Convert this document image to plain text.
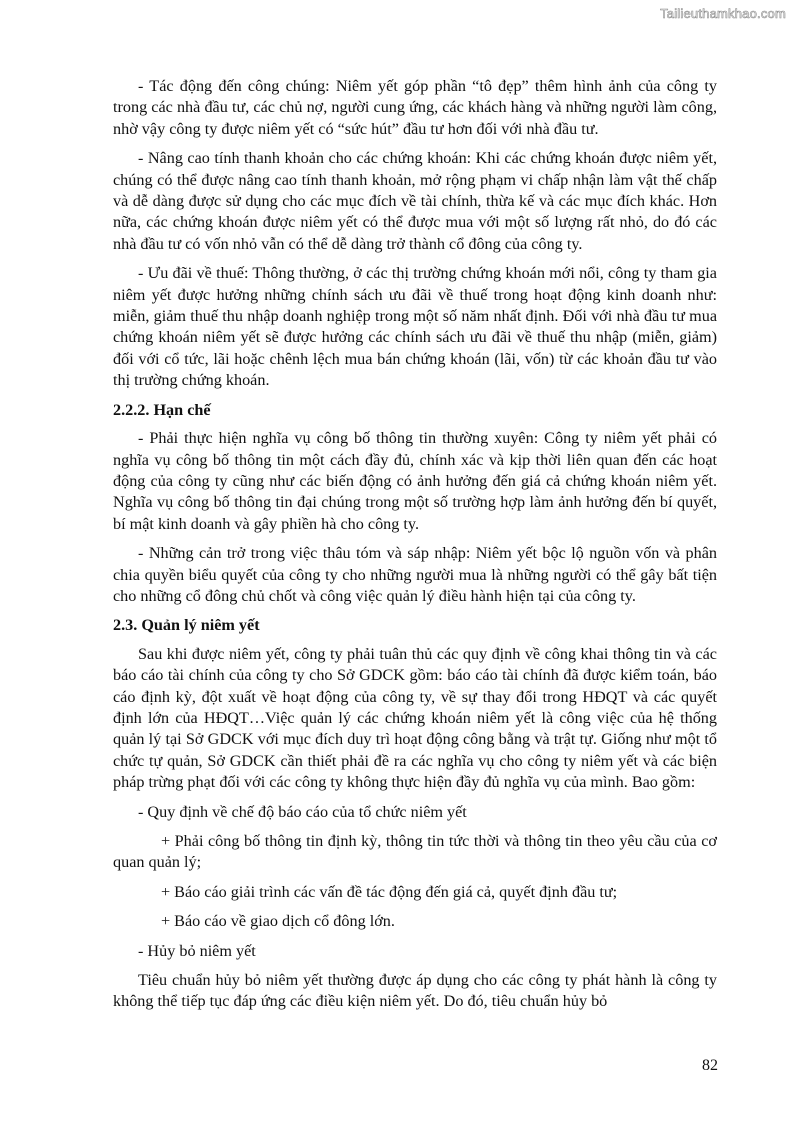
Tailieuthamkhao.com

- Tác động đến công chúng: Niêm yết góp phần “tô đẹp” thêm hình ảnh của công ty trong các nhà đầu tư, các chủ nợ, người cung ứng, các khách hàng và những người làm công, nhờ vậy công ty được niêm yết có “sức hút” đầu tư hơn đối với nhà đầu tư.

- Nâng cao tính thanh khoản cho các chứng khoán: Khi các chứng khoán được niêm yết, chúng có thể được nâng cao tính thanh khoản, mở rộng phạm vi chấp nhận làm vật thế chấp và dễ dàng được sử dụng cho các mục đích về tài chính, thừa kế và các mục đích khác. Hơn nữa, các chứng khoán được niêm yết có thể được mua với một số lượng rất nhỏ, do đó các nhà đầu tư có vốn nhỏ vẫn có thể dễ dàng trở thành cổ đông của công ty.

- Ưu đãi về thuế: Thông thường, ở các thị trường chứng khoán mới nổi, công ty tham gia niêm yết được hưởng những chính sách ưu đãi về thuế trong hoạt động kinh doanh như: miễn, giảm thuế thu nhập doanh nghiệp trong một số năm nhất định. Đối với nhà đầu tư mua chứng khoán niêm yết sẽ được hưởng các chính sách ưu đãi về thuế thu nhập (miễn, giảm) đối với cổ tức, lãi hoặc chênh lệch mua bán chứng khoán (lãi, vốn) từ các khoản đầu tư vào thị trường chứng khoán.

2.2.2. Hạn chế

- Phải thực hiện nghĩa vụ công bố thông tin thường xuyên: Công ty niêm yết phải có nghĩa vụ công bố thông tin một cách đầy đủ, chính xác và kịp thời liên quan đến các hoạt động của công ty cũng như các biến động có ảnh hưởng đến giá cả chứng khoán niêm yết. Nghĩa vụ công bố thông tin đại chúng trong một số trường hợp làm ảnh hưởng đến bí quyết, bí mật kinh doanh và gây phiền hà cho công ty.

- Những cản trở trong việc thâu tóm và sáp nhập: Niêm yết bộc lộ nguồn vốn và phân chia quyền biểu quyết của công ty cho những người mua là những người có thể gây bất tiện cho những cổ đông chủ chốt và công việc quản lý điều hành hiện tại của công ty.

2.3. Quản lý niêm yết

Sau khi được niêm yết, công ty phải tuân thủ các quy định về công khai thông tin và các báo cáo tài chính của công ty cho Sở GDCK gồm: báo cáo tài chính đã được kiểm toán, báo cáo định kỳ, đột xuất về hoạt động của công ty, về sự thay đổi trong HĐQT và các quyết định lớn của HĐQT…Việc quản lý các chứng khoán niêm yết là công việc của hệ thống quản lý tại Sở GDCK với mục đích duy trì hoạt động công bằng và trật tự. Giống như một tổ chức tự quản, Sở GDCK cần thiết phải đề ra các nghĩa vụ cho công ty niêm yết và các biện pháp trừng phạt đối với các công ty không thực hiện đầy đủ nghĩa vụ của mình. Bao gồm:

- Quy định về chế độ báo cáo của tổ chức niêm yết

+ Phải công bố thông tin định kỳ, thông tin tức thời và thông tin theo yêu cầu của cơ quan quản lý;

+ Báo cáo giải trình các vấn đề tác động đến giá cả, quyết định đầu tư;

+ Báo cáo về giao dịch cổ đông lớn.

- Hủy bỏ niêm yết

Tiêu chuẩn hủy bỏ niêm yết thường được áp dụng cho các công ty phát hành là công ty không thể tiếp tục đáp ứng các điều kiện niêm yết. Do đó, tiêu chuẩn hủy bỏ

82
